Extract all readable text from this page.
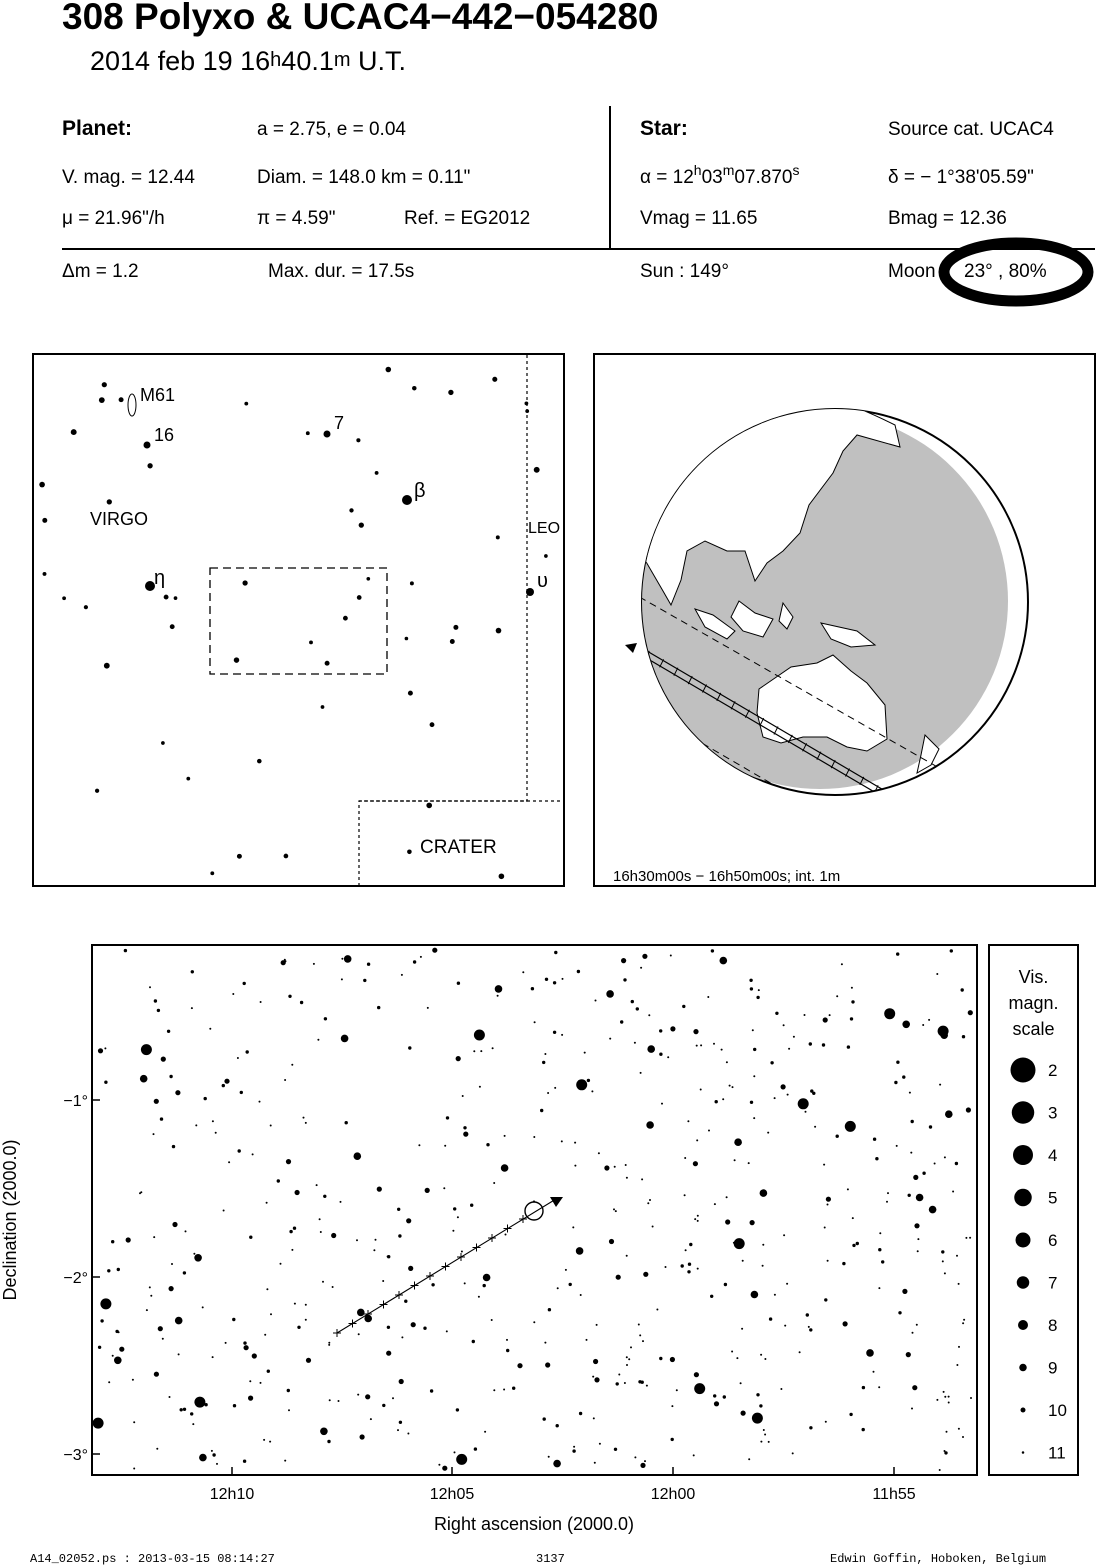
308 Polyxo & UCAC4−442−054280
2014 feb 19 16$^h$40.1$^m$ U.T.
Planet:	a = 2.75, e = 0.04
V. mag. = 12.44	Diam. = 148.0 km = 0.11"
μ = 21.96"/h	π = 4.59"	Ref. = EG2012
Star:	Source cat. UCAC4
$\alpha = 12^h03^m07.870^s$	δ = − 1°38'05.59"
Vmag = 11.65	Bmag = 12.36
Δm = 1.2	Max. dur. = 17.5s	Sun : 149°	Moon 23° , 80%
M61
16
7
β
η	υ
VIRGO	LEO
CRATER
16h30m00s − 16h50m00s; int. 1m
−1°
−2°
−3°
12h10	12h05	12h00	11h55
Right ascension (2000.0)
Declination (2000.0)
Vis.
magn.
scale
2
3
4
5
6
7
8
9
10
11
A14_02052.ps : 2013-03-15 08:14:27	3137	Edwin Goffin, Hoboken, Belgium
